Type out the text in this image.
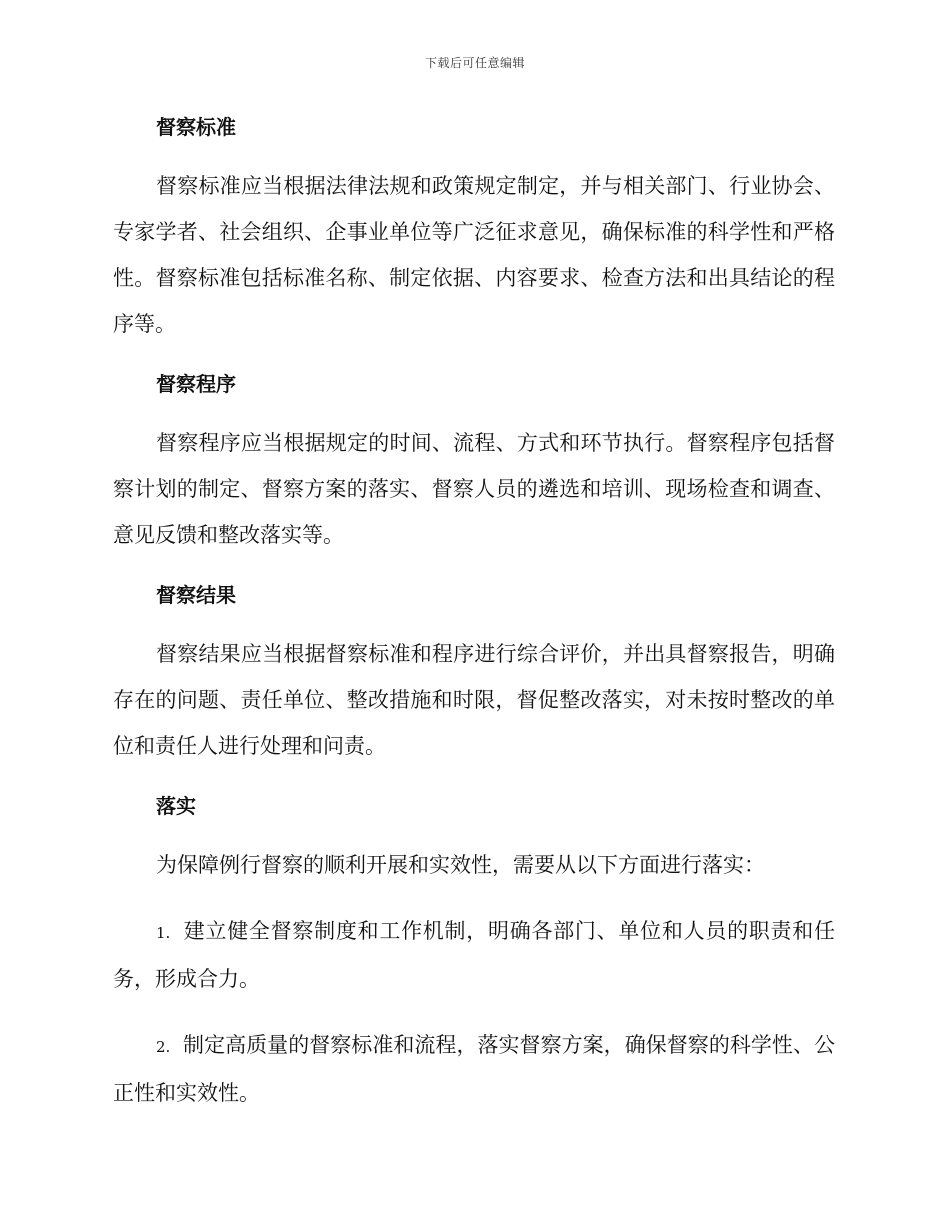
下载后可任意编辑
督察标准

督察标准应当根据法律法规和政策规定制定，并与相关部门、行业协会、专家学者、社会组织、企事业单位等广泛征求意见，确保标准的科学性和严格性。督察标准包括标准名称、制定依据、内容要求、检查方法和出具结论的程序等。

督察程序

督察程序应当根据规定的时间、流程、方式和环节执行。督察程序包括督察计划的制定、督察方案的落实、督察人员的遴选和培训、现场检查和调查、意见反馈和整改落实等。

督察结果

督察结果应当根据督察标准和程序进行综合评价，并出具督察报告，明确存在的问题、责任单位、整改措施和时限，督促整改落实，对未按时整改的单位和责任人进行处理和问责。

落实

为保障例行督察的顺利开展和实效性，需要从以下方面进行落实：

1. 建立健全督察制度和工作机制，明确各部门、单位和人员的职责和任务，形成合力。

2. 制定高质量的督察标准和流程，落实督察方案，确保督察的科学性、公正性和实效性。
